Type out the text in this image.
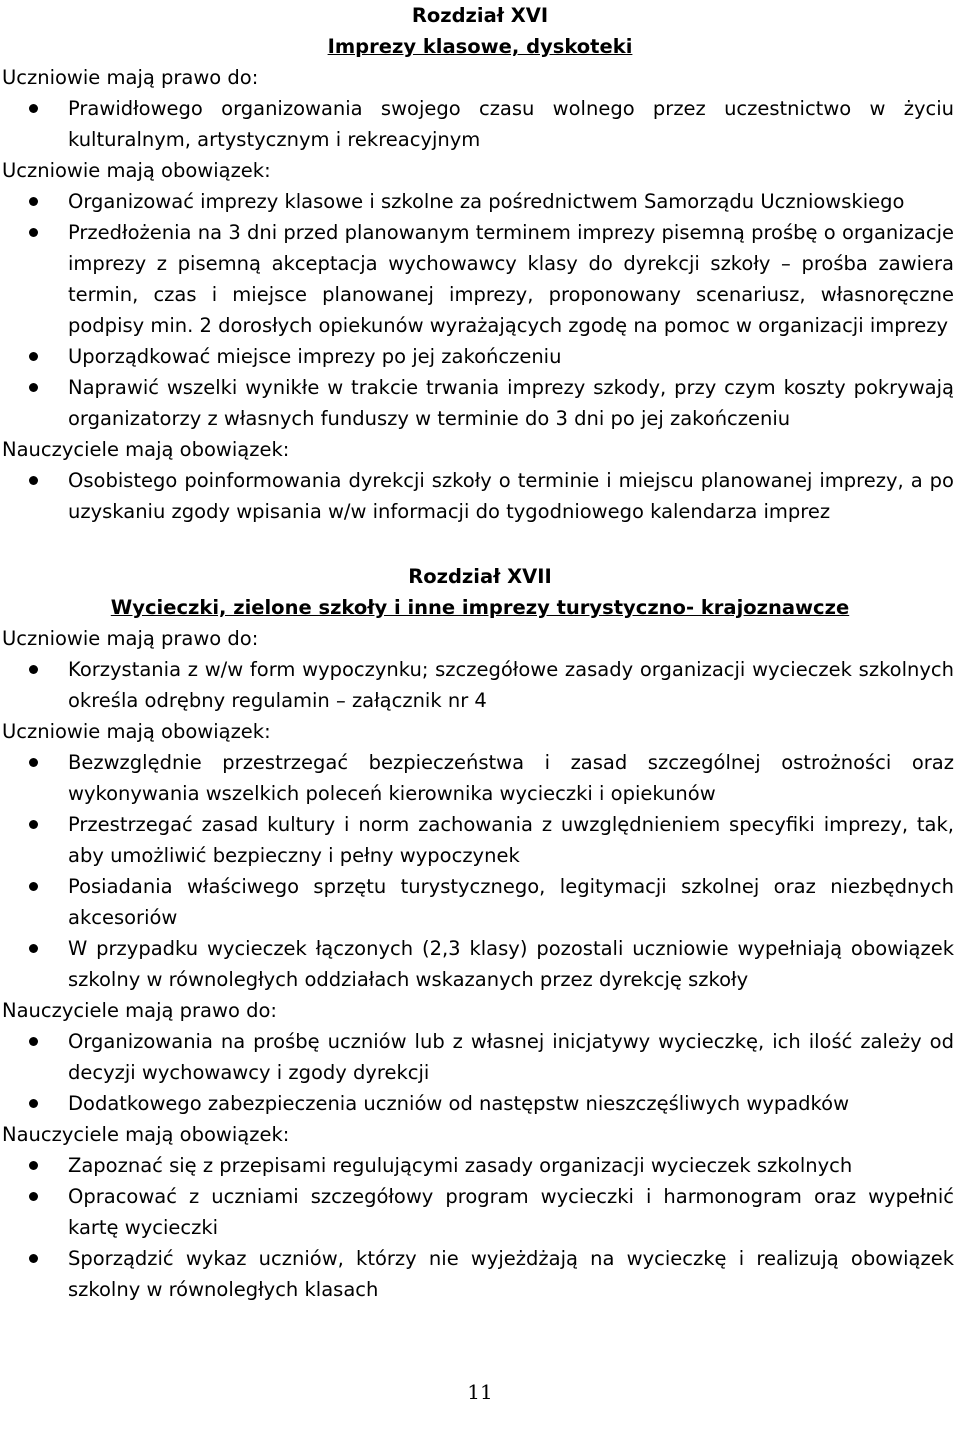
Rozdział XVI
Imprezy klasowe, dyskoteki
Uczniowie mają prawo do:
Prawidłowego organizowania swojego czasu wolnego przez uczestnictwo w życiu kulturalnym, artystycznym i rekreacyjnym
Uczniowie mają obowiązek:
Organizować imprezy klasowe i szkolne za pośrednictwem Samorządu Uczniowskiego
Przedłożenia na 3 dni przed planowanym terminem imprezy pisemną prośbę o organizacje imprezy z pisemną akceptacja wychowawcy klasy do dyrekcji szkoły – prośba zawiera termin, czas i miejsce planowanej imprezy, proponowany scenariusz, własnoręczne podpisy min. 2 dorosłych opiekunów wyrażających zgodę na pomoc w organizacji imprezy
Uporządkować miejsce imprezy po jej zakończeniu
Naprawić wszelki wynikłe w trakcie trwania imprezy szkody, przy czym koszty pokrywają organizatorzy z własnych funduszy w terminie do 3 dni po jej zakończeniu
Nauczyciele mają obowiązek:
Osobistego poinformowania dyrekcji szkoły o terminie i miejscu planowanej imprezy, a po uzyskaniu zgody wpisania w/w informacji do tygodniowego kalendarza imprez
Rozdział XVII
Wycieczki, zielone szkoły i inne imprezy turystyczno- krajoznawcze
Uczniowie mają prawo do:
Korzystania z w/w form wypoczynku; szczegółowe zasady organizacji wycieczek szkolnych określa odrębny regulamin – załącznik nr 4
Uczniowie mają obowiązek:
Bezwzględnie przestrzegać bezpieczeństwa i zasad szczególnej ostrożności oraz wykonywania wszelkich poleceń kierownika wycieczki i opiekunów
Przestrzegać zasad kultury i norm zachowania z uwzględnieniem specyfiki imprezy, tak, aby umożliwić bezpieczny i pełny wypoczynek
Posiadania właściwego sprzętu turystycznego, legitymacji szkolnej oraz niezbędnych akcesoriów
W przypadku wycieczek łączonych (2,3 klasy) pozostali uczniowie wypełniają obowiązek szkolny w równoległych oddziałach wskazanych przez dyrekcję szkoły
Nauczyciele mają prawo do:
Organizowania na prośbę uczniów lub z własnej inicjatywy wycieczkę, ich ilość zależy od decyzji wychowawcy i zgody dyrekcji
Dodatkowego zabezpieczenia uczniów od następstw nieszczęśliwych wypadków
Nauczyciele mają obowiązek:
Zapoznać się z przepisami regulującymi zasady organizacji wycieczek szkolnych
Opracować z uczniami szczegółowy program wycieczki i harmonogram oraz wypełnić kartę wycieczki
Sporządzić wykaz uczniów, którzy nie wyjeżdżają na wycieczkę i realizują obowiązek szkolny w równoległych klasach
11
